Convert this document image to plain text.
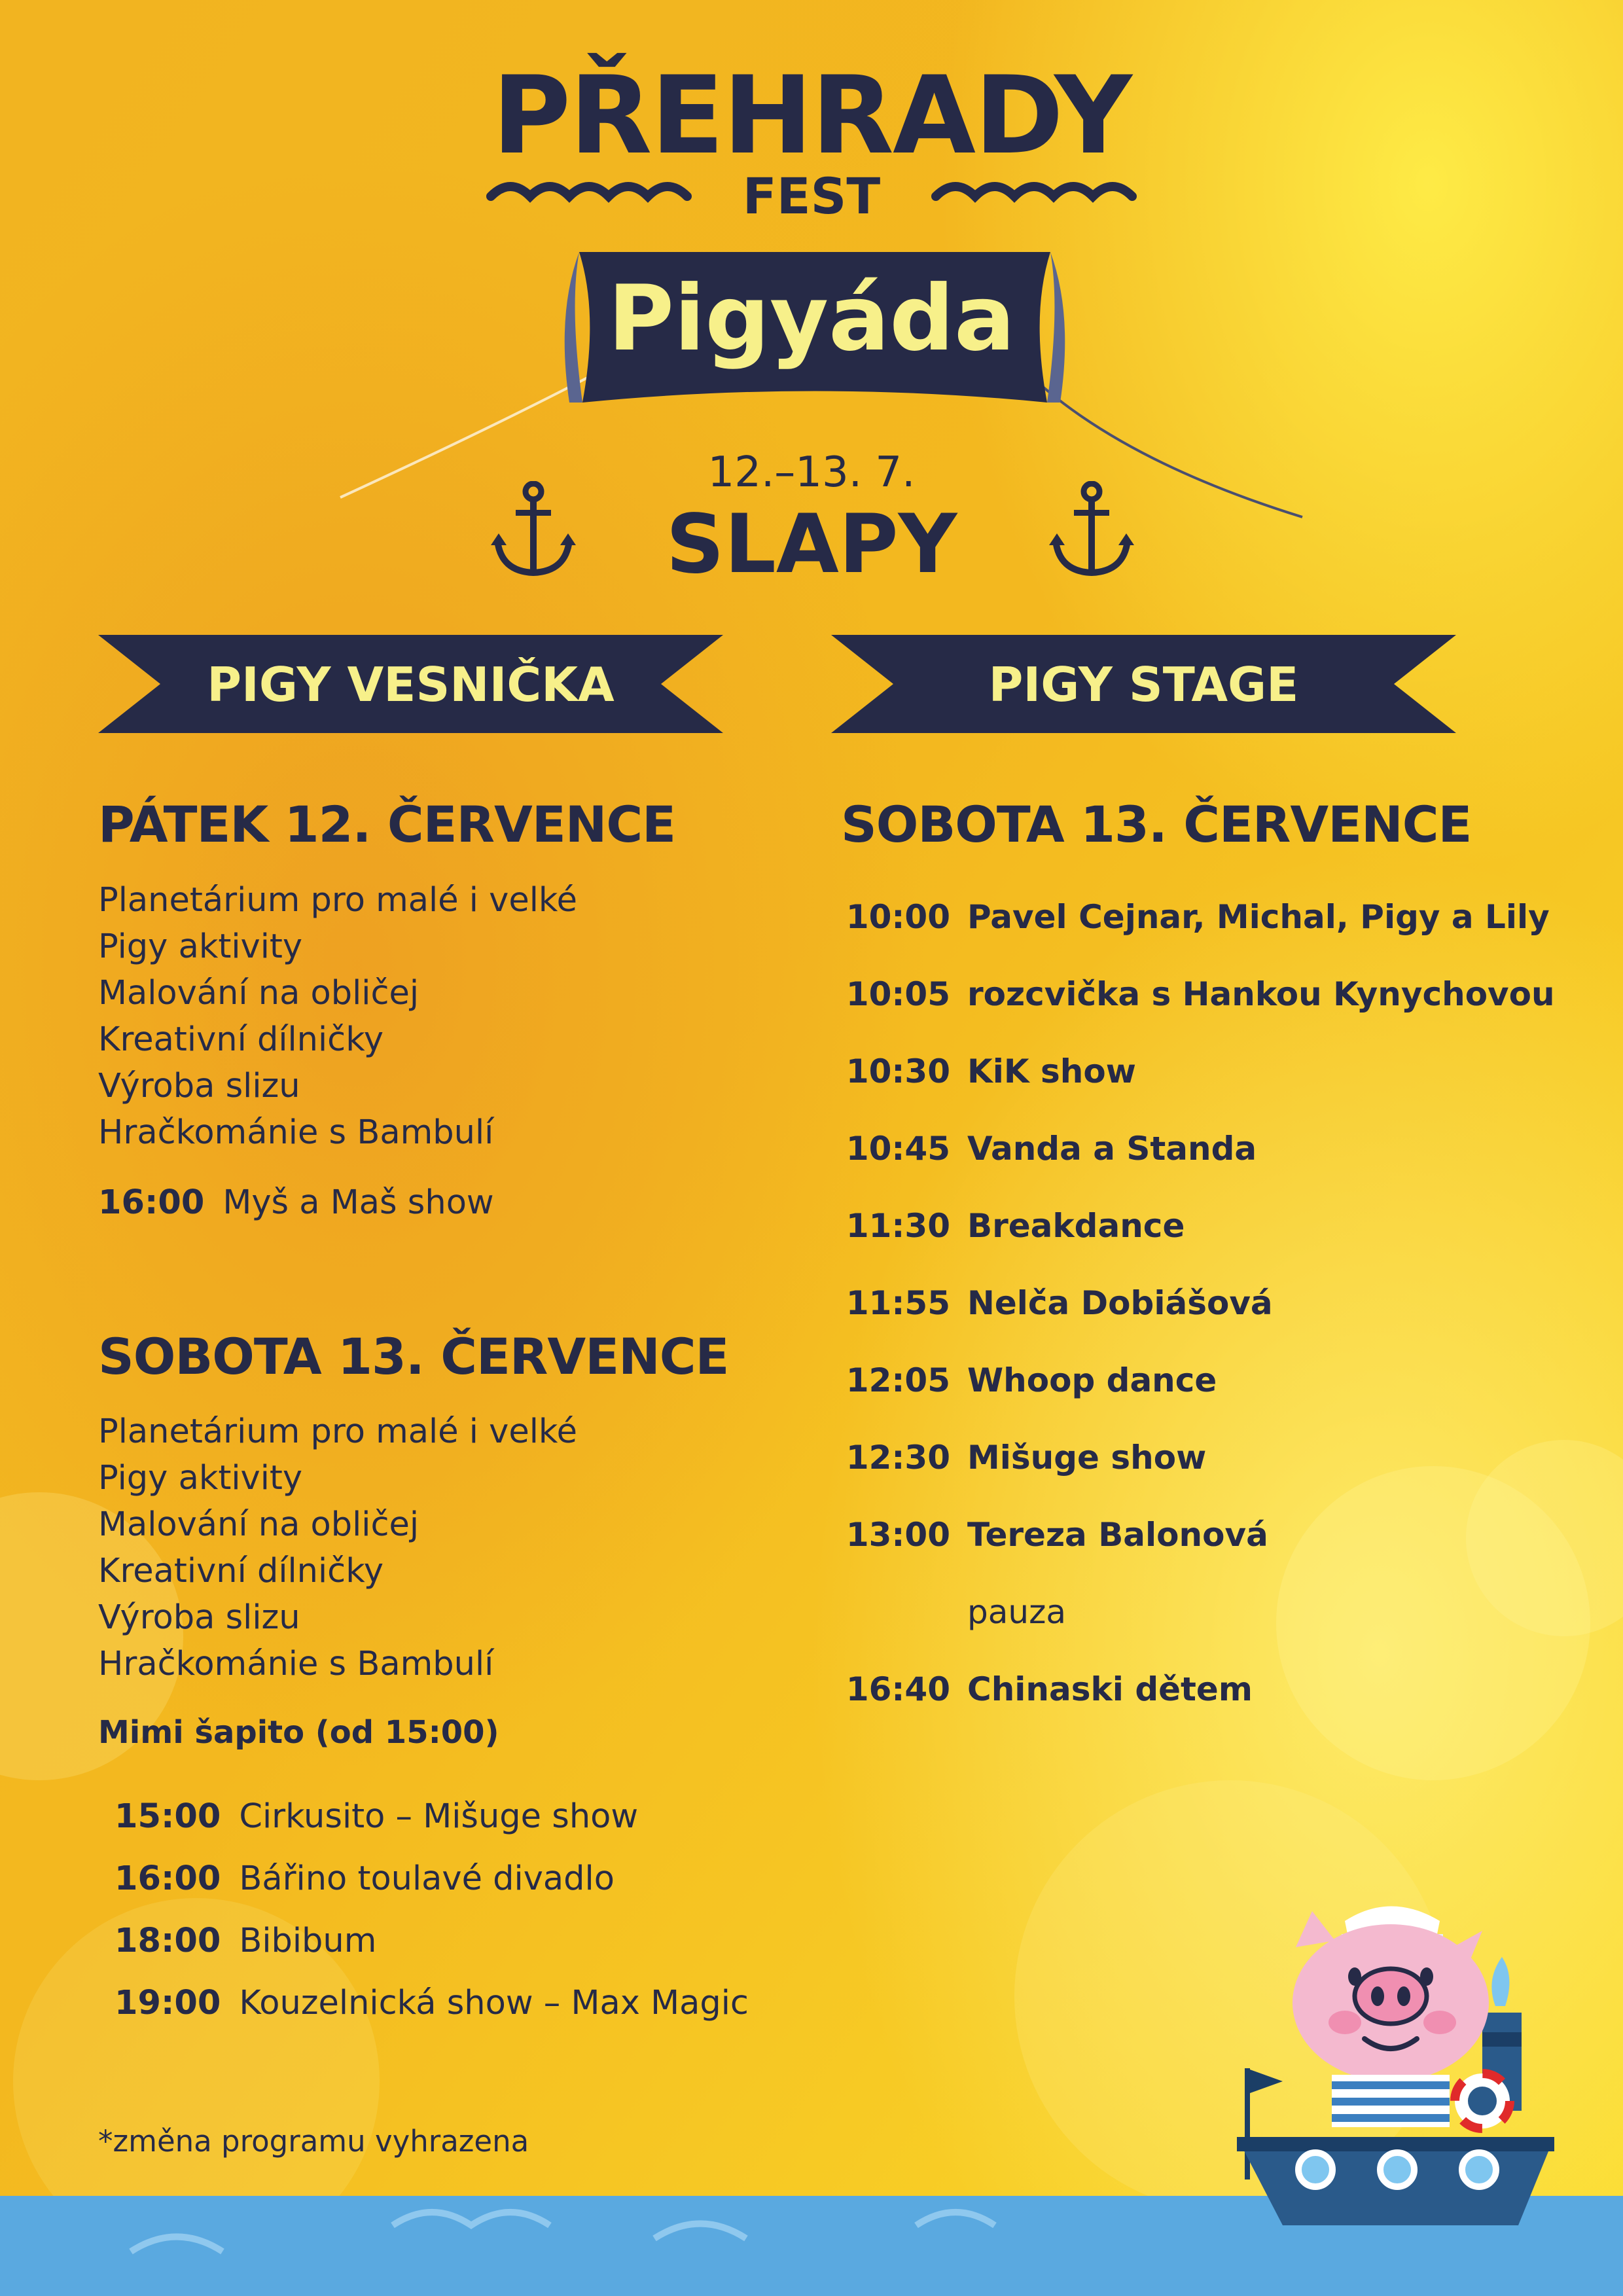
PŘEHRADY
FEST
Pigyáda
12.–13. 7.
SLAPY
PIGY VESNIČKA	PIGY STAGE
PÁTEK 12. ČERVENCE
Planetárium pro malé i velké
Pigy aktivity
Malování na obličej
Kreativní dílničky
Výroba slizu
Hračkománie s Bambulí
16:00 Myš a Maš show
SOBOTA 13. ČERVENCE
Planetárium pro malé i velké
Pigy aktivity
Malování na obličej
Kreativní dílničky
Výroba slizu
Hračkománie s Bambulí
Mimi šapito (od 15:00)
15:00 Cirkusito – Mišuge show
16:00 Bářino toulavé divadlo
18:00 Bibibum
19:00 Kouzelnická show – Max Magic
*změna programu vyhrazena
SOBOTA 13. ČERVENCE
10:00 Pavel Cejnar, Michal, Pigy a Lily
10:05 rozcvička s Hankou Kynychovou
10:30 KiK show
10:45 Vanda a Standa
11:30 Breakdance
11:55 Nelča Dobiášová
12:05 Whoop dance
12:30 Mišuge show
13:00 Tereza Balonová
pauza
16:40 Chinaski dětem
